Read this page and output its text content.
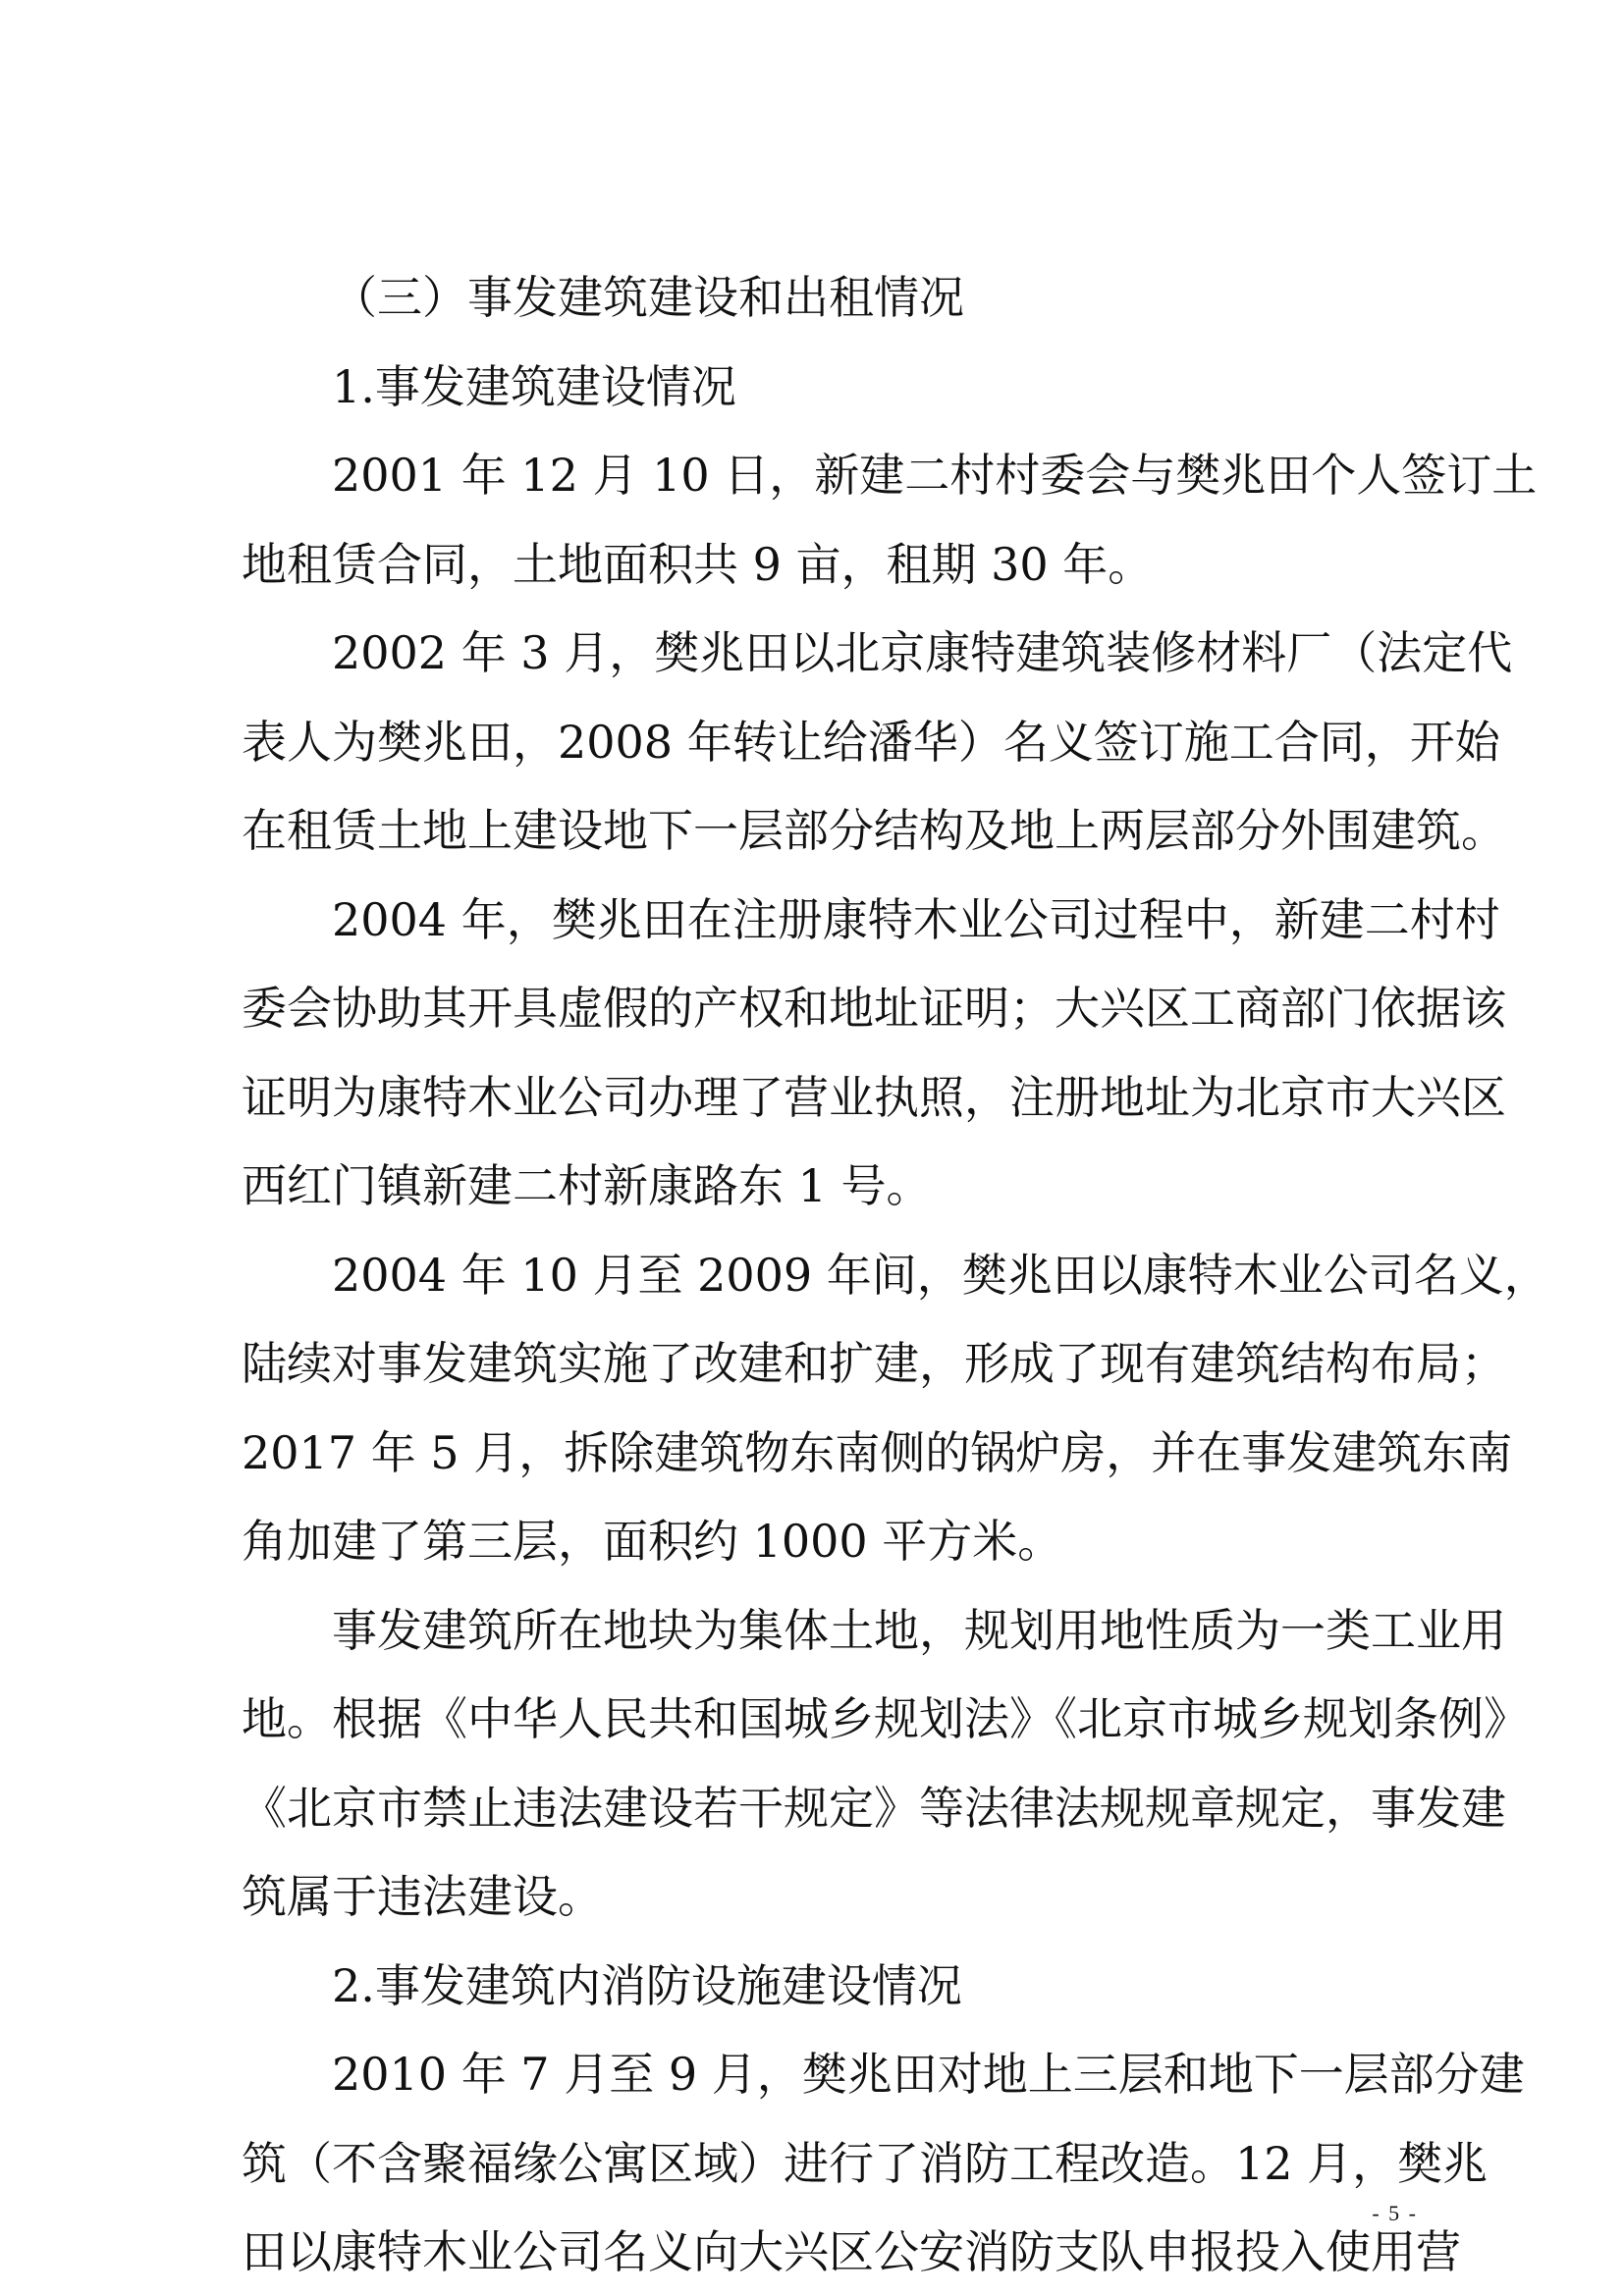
（三）事发建筑建设和出租情况
1.事发建筑建设情况
2001 年 12 月 10 日，新建二村村委会与樊兆田个人签订土
地租赁合同，土地面积共 9 亩，租期 30 年。
2002 年 3 月，樊兆田以北京康特建筑装修材料厂（法定代
表人为樊兆田，2008 年转让给潘华）名义签订施工合同，开始
在租赁土地上建设地下一层部分结构及地上两层部分外围建筑。
2004 年，樊兆田在注册康特木业公司过程中，新建二村村
委会协助其开具虚假的产权和地址证明；大兴区工商部门依据该
证明为康特木业公司办理了营业执照，注册地址为北京市大兴区
西红门镇新建二村新康路东 1 号。
2004 年 10 月至 2009 年间，樊兆田以康特木业公司名义，
陆续对事发建筑实施了改建和扩建，形成了现有建筑结构布局；
2017 年 5 月，拆除建筑物东南侧的锅炉房，并在事发建筑东南
角加建了第三层，面积约 1000 平方米。
事发建筑所在地块为集体土地，规划用地性质为一类工业用
地。根据《中华人民共和国城乡规划法》《北京市城乡规划条例》
《北京市禁止违法建设若干规定》等法律法规规章规定，事发建
筑属于违法建设。
2.事发建筑内消防设施建设情况
2010 年 7 月至 9 月，樊兆田对地上三层和地下一层部分建
筑（不含聚福缘公寓区域）进行了消防工程改造。12 月，樊兆
田以康特木业公司名义向大兴区公安消防支队申报投入使用营
- 5 -
